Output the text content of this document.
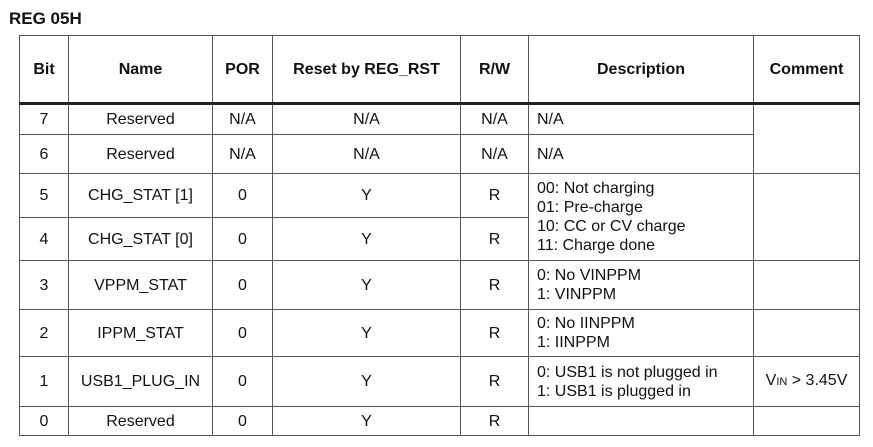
REG 05H
Bit	Name	POR	Reset by REG_RST	R/W	Description	Comment
7	Reserved	N/A	N/A	N/A	N/A	

6	Reserved	N/A	N/A	N/A	N/A	

5	CHG_STAT [1]	0	Y	R	00: Not charging
01: Pre-charge
10: CC or CV charge
11: Charge done	

4	CHG_STAT [0]	0	Y	R		
3	VPPM_STAT	0	Y	R	0: No VINPPM
1: VINPPM	

2	IPPM_STAT	0	Y	R	0: No IINPPM
1: IINPPM	

1	USB1_PLUG_IN	0	Y	R	0: USB1 is not plugged in
1: USB1 is plugged in	VIN > 3.45V
0	Reserved	0	Y	R		
